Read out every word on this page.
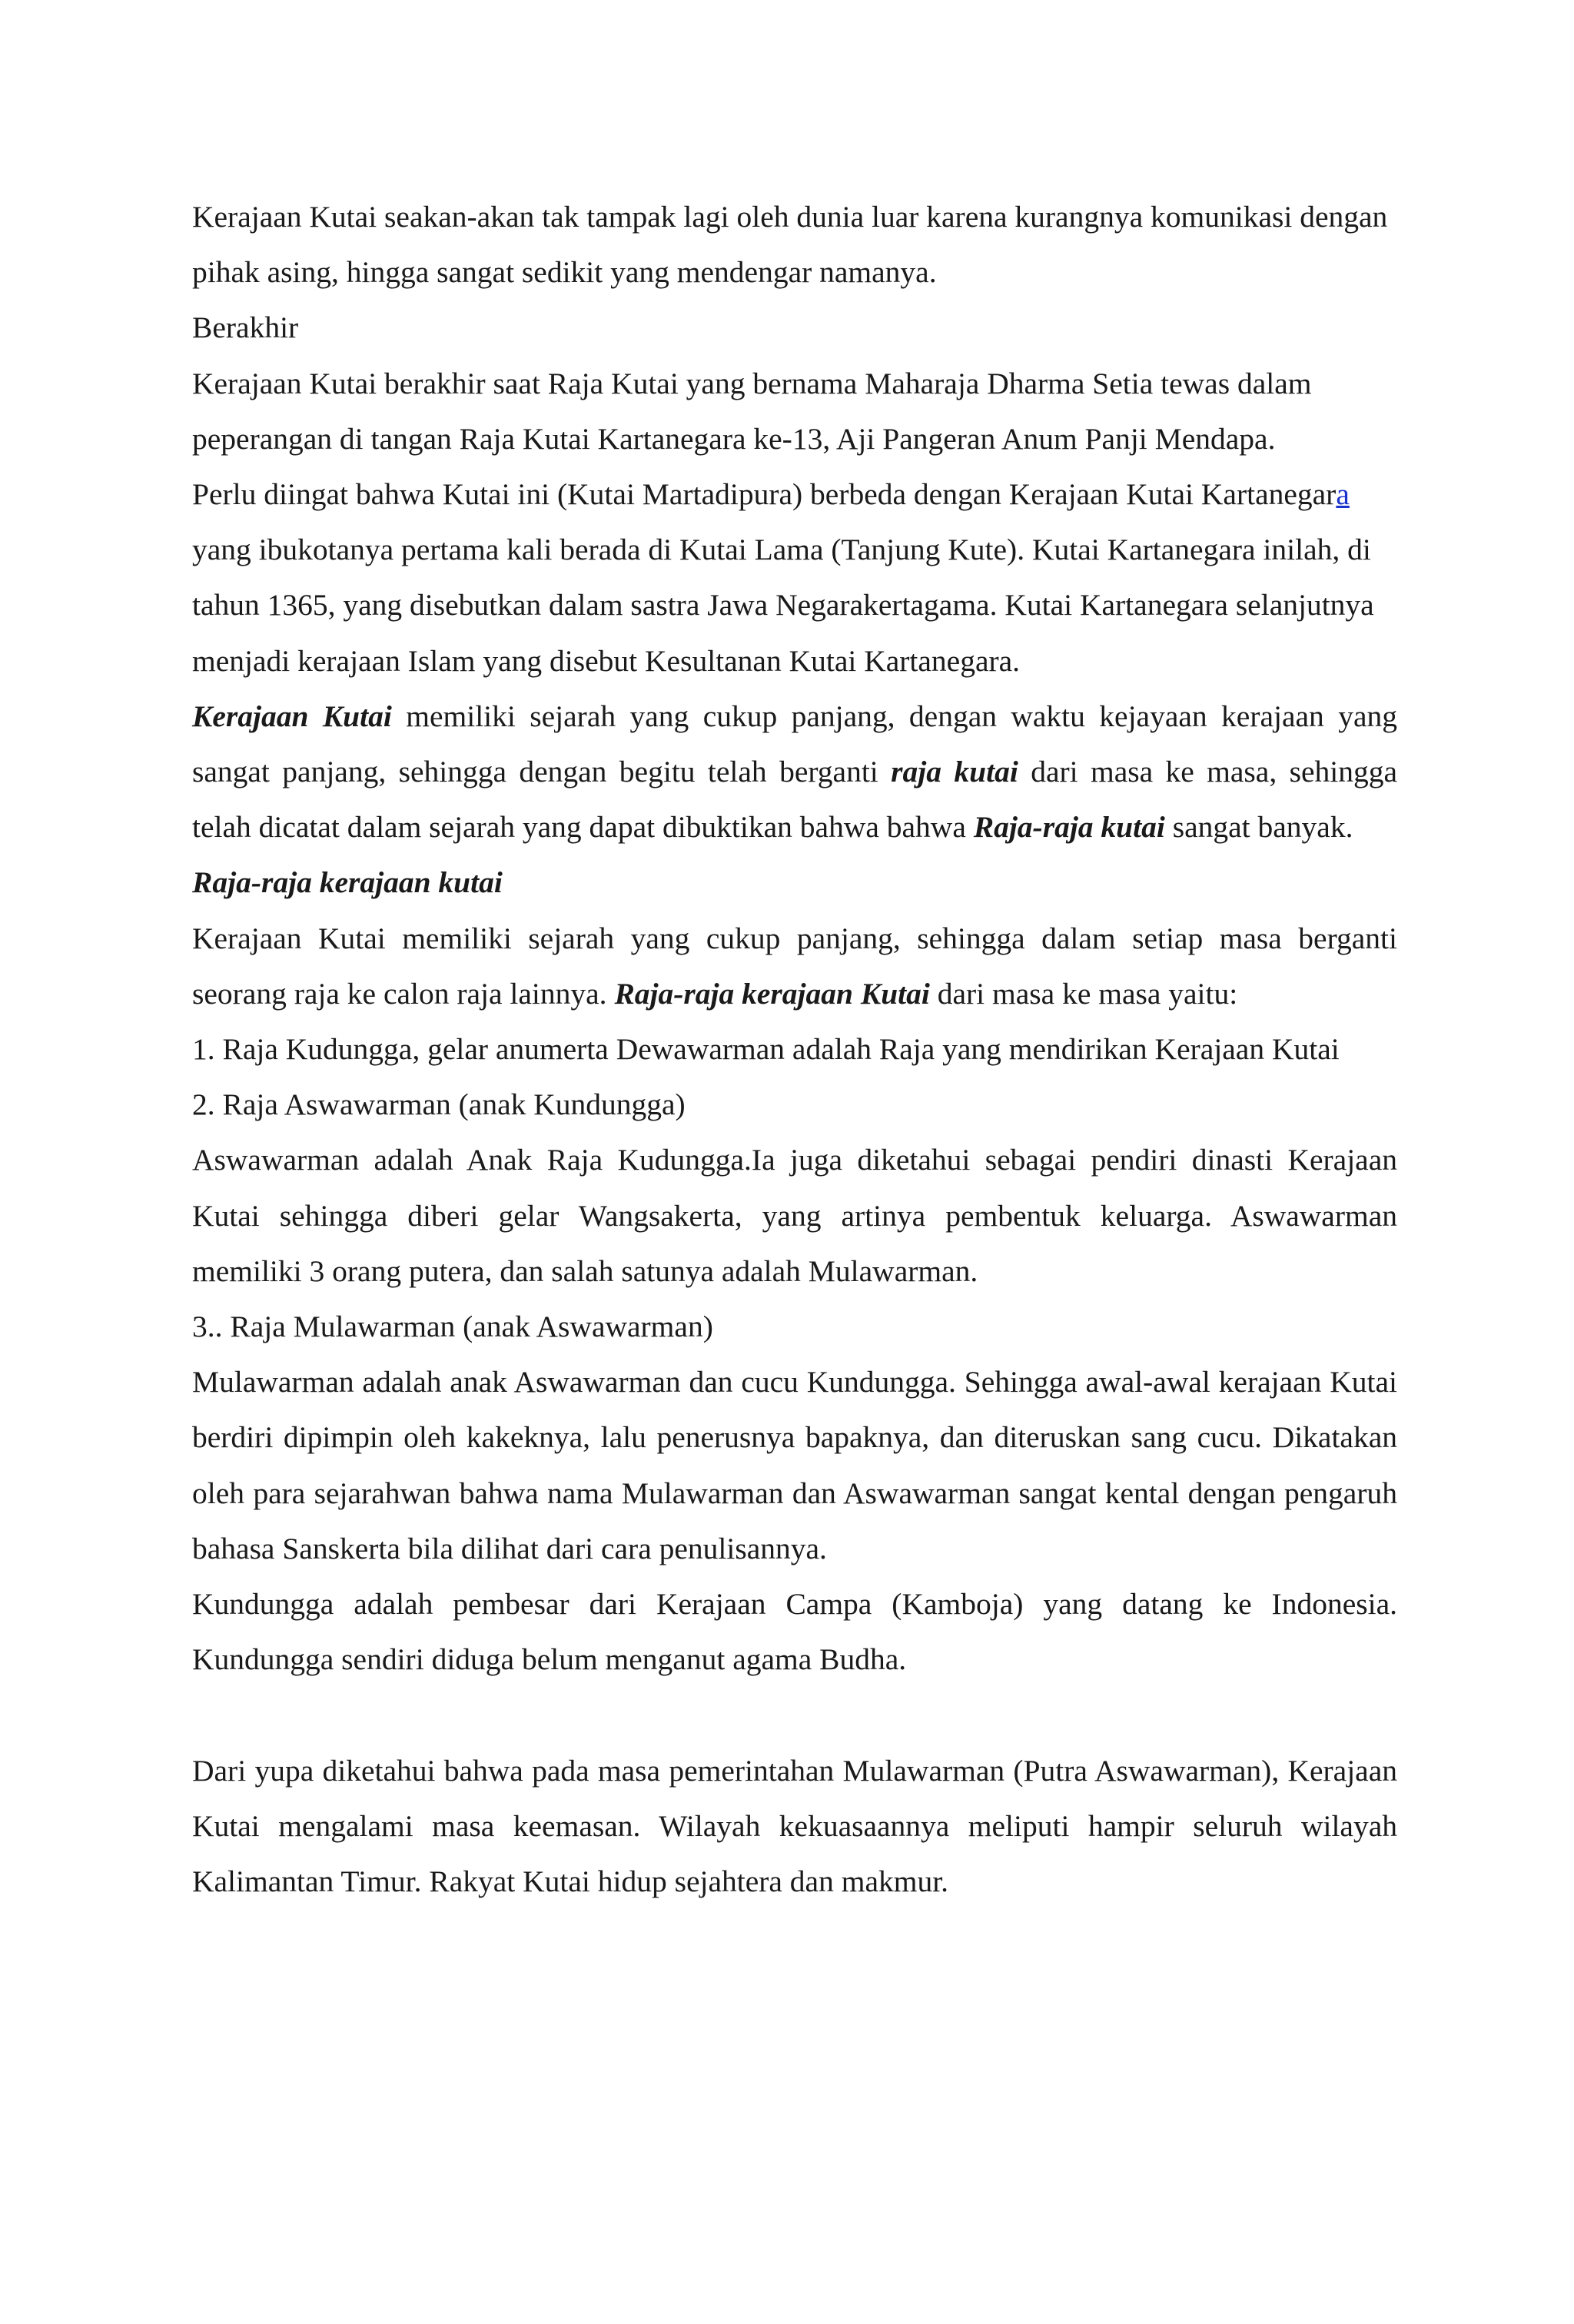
Kerajaan Kutai seakan-akan tak tampak lagi oleh dunia luar karena kurangnya komunikasi dengan pihak asing, hingga sangat sedikit yang mendengar namanya.

Berakhir

Kerajaan Kutai berakhir saat Raja Kutai yang bernama Maharaja Dharma Setia tewas dalam peperangan di tangan Raja Kutai Kartanegara ke-13, Aji Pangeran Anum Panji Mendapa.

Perlu diingat bahwa Kutai ini (Kutai Martadipura) berbeda dengan Kerajaan Kutai Kartanegara yang ibukotanya pertama kali berada di Kutai Lama (Tanjung Kute). Kutai Kartanegara inilah, di tahun 1365, yang disebutkan dalam sastra Jawa Negarakertagama. Kutai Kartanegara selanjutnya menjadi kerajaan Islam yang disebut Kesultanan Kutai Kartanegara.

Kerajaan Kutai memiliki sejarah yang cukup panjang, dengan waktu kejayaan kerajaan yang sangat panjang, sehingga dengan begitu telah berganti raja kutai dari masa ke masa, sehingga telah dicatat dalam sejarah yang dapat dibuktikan bahwa bahwa Raja-raja kutai sangat banyak.

Raja-raja kerajaan kutai

Kerajaan Kutai memiliki sejarah yang cukup panjang, sehingga dalam setiap masa berganti seorang raja ke calon raja lainnya. Raja-raja kerajaan Kutai dari masa ke masa yaitu:

1. Raja Kudungga, gelar anumerta Dewawarman adalah Raja yang mendirikan Kerajaan Kutai

2. Raja Aswawarman (anak Kundungga)

Aswawarman adalah Anak Raja Kudungga.Ia juga diketahui sebagai pendiri dinasti Kerajaan Kutai sehingga diberi gelar Wangsakerta, yang artinya pembentuk keluarga. Aswawarman memiliki 3 orang putera, dan salah satunya adalah Mulawarman.

3.. Raja Mulawarman (anak Aswawarman)

Mulawarman adalah anak Aswawarman dan cucu Kundungga. Sehingga awal-awal kerajaan Kutai berdiri dipimpin oleh kakeknya, lalu penerusnya bapaknya, dan diteruskan sang cucu. Dikatakan oleh para sejarahwan bahwa nama Mulawarman dan Aswawarman sangat kental dengan pengaruh bahasa Sanskerta bila dilihat dari cara penulisannya.

Kundungga adalah pembesar dari Kerajaan Campa (Kamboja) yang datang ke Indonesia. Kundungga sendiri diduga belum menganut agama Budha.

Dari yupa diketahui bahwa pada masa pemerintahan Mulawarman (Putra Aswawarman), Kerajaan Kutai mengalami masa keemasan. Wilayah kekuasaannya meliputi hampir seluruh wilayah Kalimantan Timur. Rakyat Kutai hidup sejahtera dan makmur.
